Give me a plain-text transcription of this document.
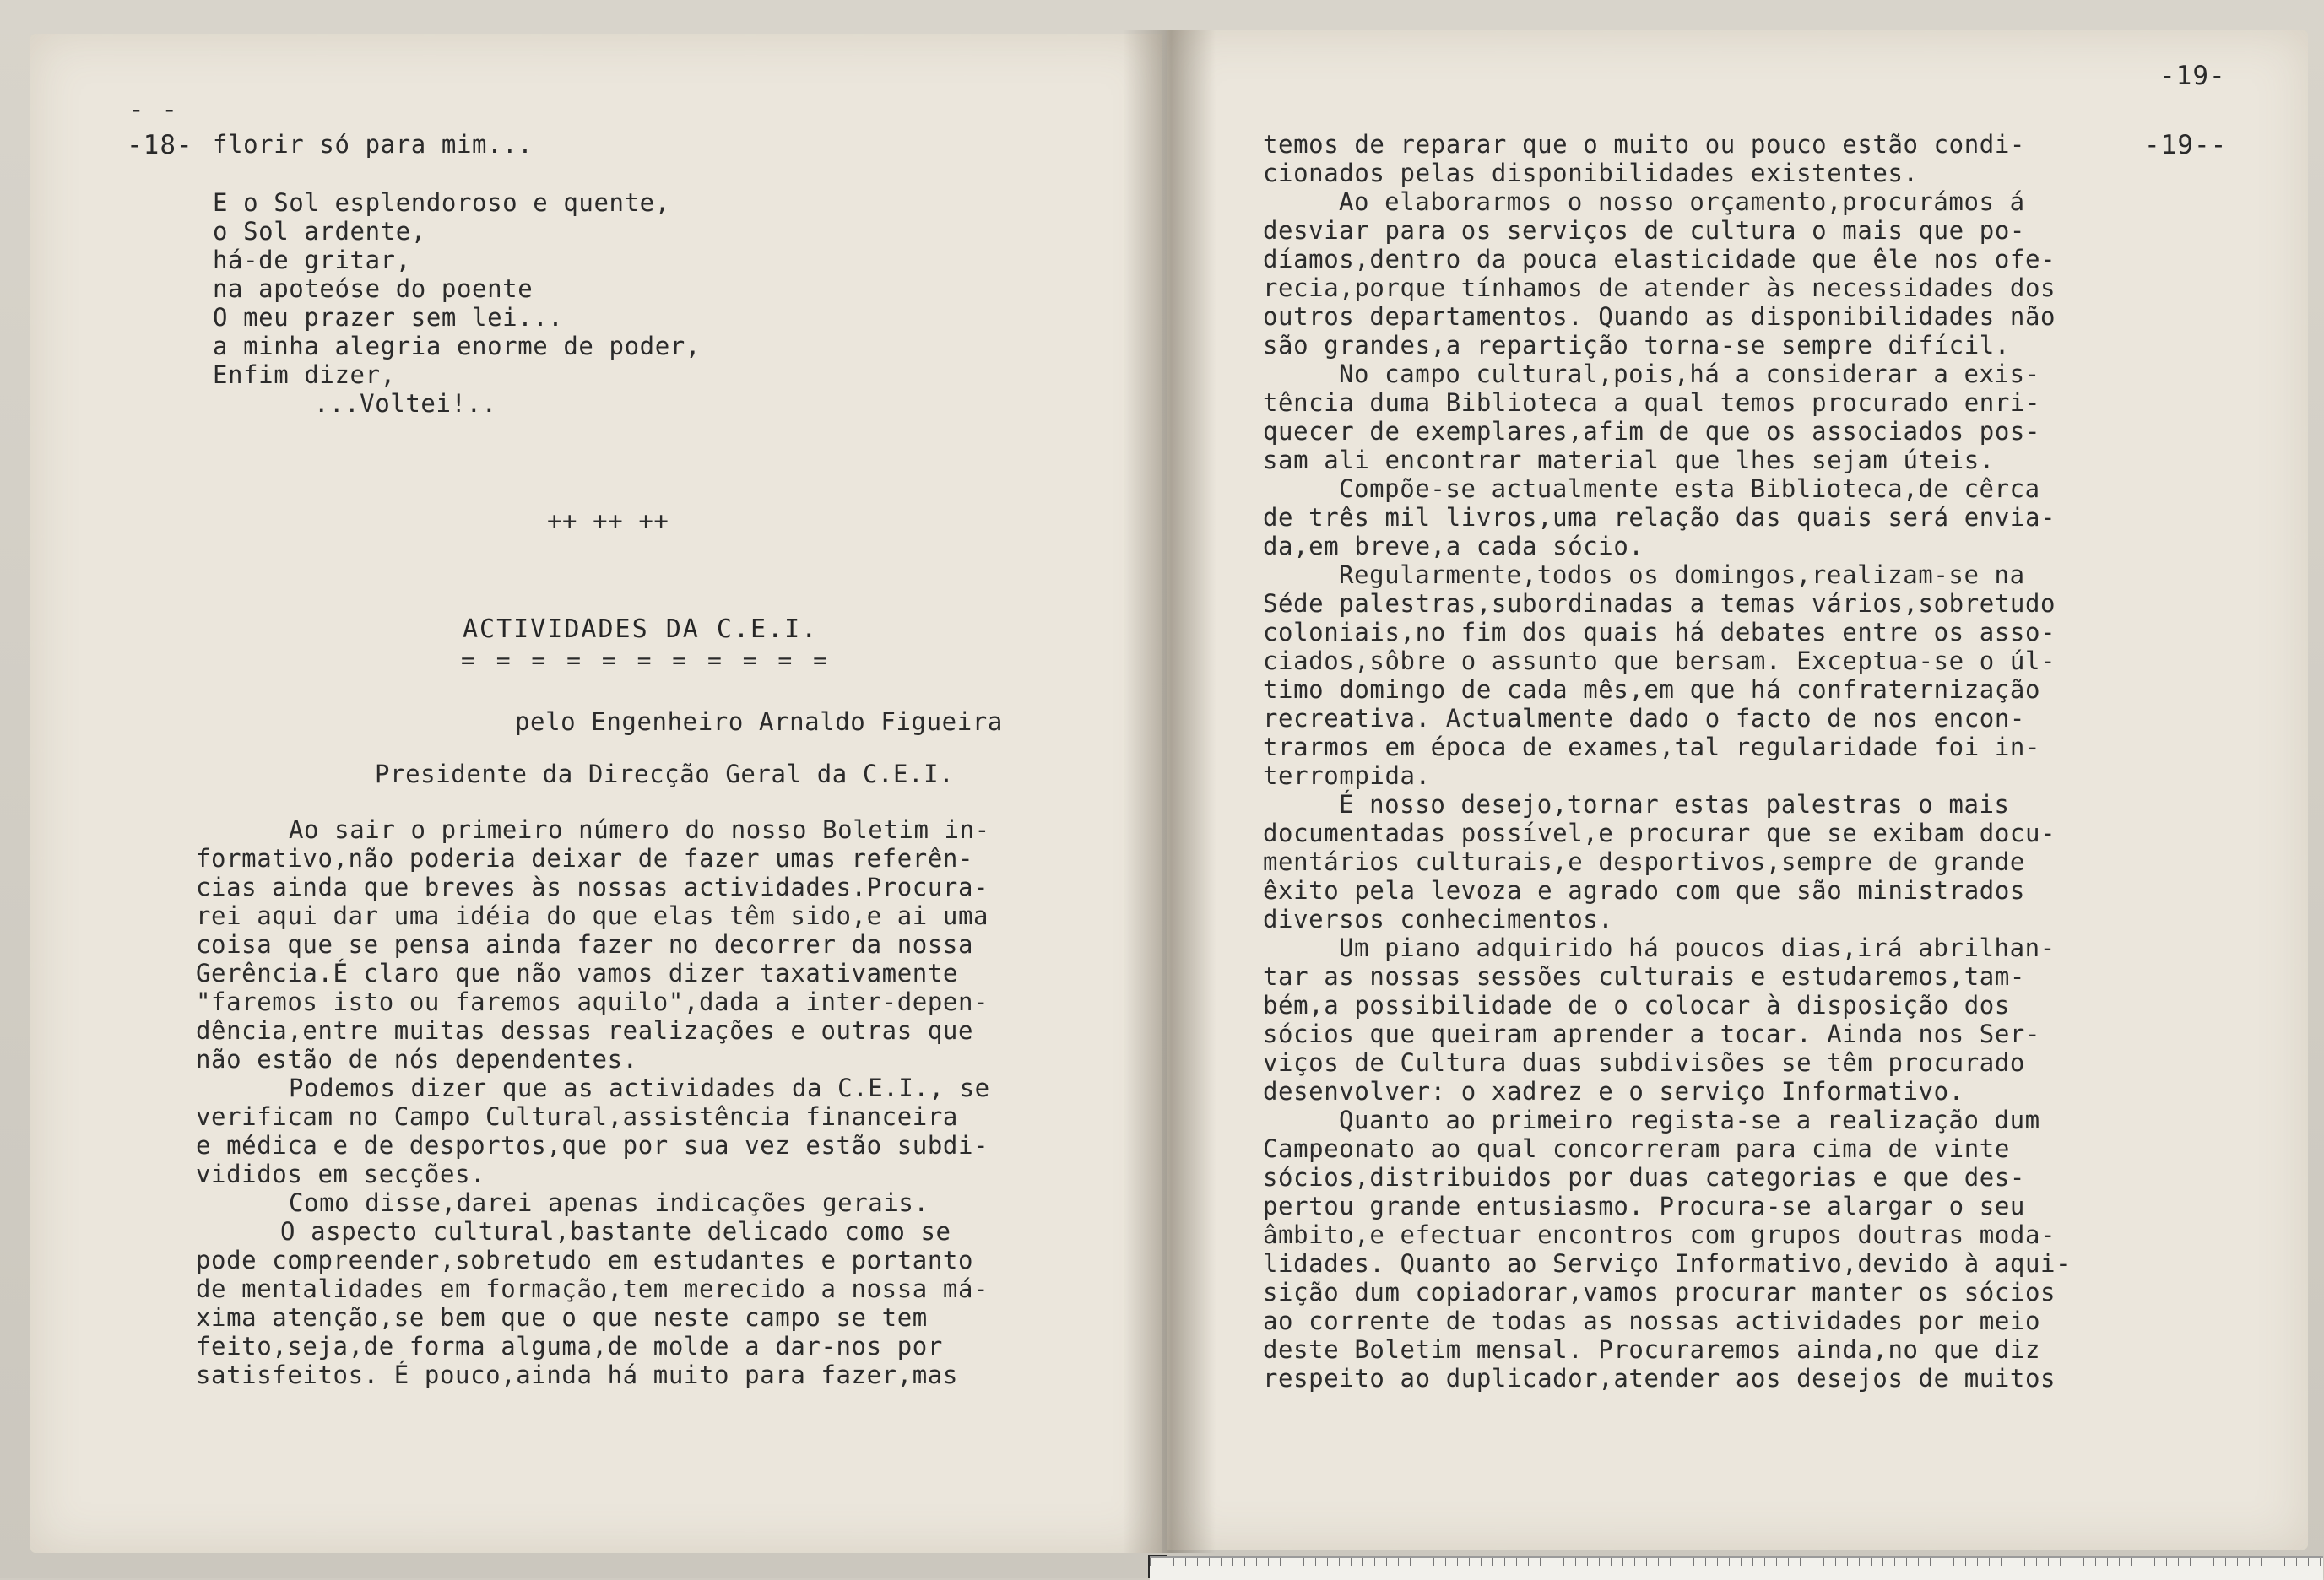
- -
-18- florir só para mim...
E o Sol esplendoroso e quente,
o Sol ardente,
há-de gritar,
na apoteóse do poente
O meu prazer sem lei...
a minha alegria enorme de poder,
Enfim dizer,
...Voltei!..
++ ++ ++
ACTIVIDADES DA C.E.I.
= = = = = = = = = = =
pelo Engenheiro Arnaldo Figueira
Presidente da Direcção Geral da C.E.I.
Ao sair o primeiro número do nosso Boletim in-
formativo,não poderia deixar de fazer umas referên-
cias ainda que breves às nossas actividades.Procura-
rei aqui dar uma idéia do que elas têm sido,e ai uma
coisa que se pensa ainda fazer no decorrer da nossa
Gerência.É claro que não vamos dizer taxativamente
"faremos isto ou faremos aquilo",dada a inter-depen-
dência,entre muitas dessas realizações e outras que
não estão de nós dependentes.
Podemos dizer que as actividades da C.E.I., se
verificam no Campo Cultural,assistência financeira
e médica e de desportos,que por sua vez estão subdi-
vididos em secções.
Como disse,darei apenas indicações gerais.
O aspecto cultural,bastante delicado como se
pode compreender,sobretudo em estudantes e portanto
de mentalidades em formação,tem merecido a nossa má-
xima atenção,se bem que o que neste campo se tem
feito,seja,de forma alguma,de molde a dar-nos por
satisfeitos. É pouco,ainda há muito para fazer,mas
-19-
-19--
temos de reparar que o muito ou pouco estão condi-
cionados pelas disponibilidades existentes.
Ao elaborarmos o nosso orçamento,procurámos á
desviar para os serviços de cultura o mais que po-
díamos,dentro da pouca elasticidade que êle nos ofe-
recia,porque tínhamos de atender às necessidades dos
outros departamentos. Quando as disponibilidades não
são grandes,a repartição torna-se sempre difícil.
No campo cultural,pois,há a considerar a exis-
tência duma Biblioteca a qual temos procurado enri-
quecer de exemplares,afim de que os associados pos-
sam ali encontrar material que lhes sejam úteis.
Compõe-se actualmente esta Biblioteca,de cêrca
de três mil livros,uma relação das quais será envia-
da,em breve,a cada sócio.
Regularmente,todos os domingos,realizam-se na
Séde palestras,subordinadas a temas vários,sobretudo
coloniais,no fim dos quais há debates entre os asso-
ciados,sôbre o assunto que bersam. Exceptua-se o úl-
timo domingo de cada mês,em que há confraternização
recreativa. Actualmente dado o facto de nos encon-
trarmos em época de exames,tal regularidade foi in-
terrompida.
É nosso desejo,tornar estas palestras o mais
documentadas possível,e procurar que se exibam docu-
mentários culturais,e desportivos,sempre de grande
êxito pela levoza e agrado com que são ministrados
diversos conhecimentos.
Um piano adquirido há poucos dias,irá abrilhan-
tar as nossas sessões culturais e estudaremos,tam-
bém,a possibilidade de o colocar à disposição dos
sócios que queiram aprender a tocar. Ainda nos Ser-
viços de Cultura duas subdivisões se têm procurado
desenvolver: o xadrez e o serviço Informativo.
Quanto ao primeiro regista-se a realização dum
Campeonato ao qual concorreram para cima de vinte
sócios,distribuidos por duas categorias e que des-
pertou grande entusiasmo. Procura-se alargar o seu
âmbito,e efectuar encontros com grupos doutras moda-
lidades. Quanto ao Serviço Informativo,devido à aqui-
sição dum copiadorar,vamos procurar manter os sócios
ao corrente de todas as nossas actividades por meio
deste Boletim mensal. Procuraremos ainda,no que diz
respeito ao duplicador,atender aos desejos de muitos
